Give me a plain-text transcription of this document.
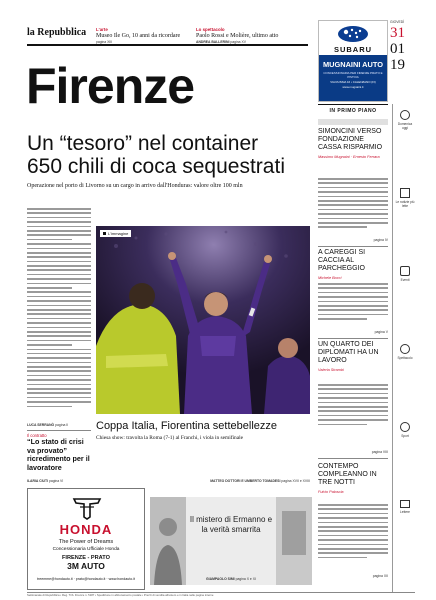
la Repubblica L'arte
Museo Ile Go, 10 anni da ricordare
pagina XIII
Lo spettacolo
Paolo Rossi e Molière, ultimo atto
ANDREA BALLERINI pagina XV
Firenze
SUBARU
MUGNAINI AUTO
CONCESSIONARIA PER FIRENZE PRATO E PISTOIA
VIA RUSSIA 16 • CALENZANO (FI)
www.mugnaini.it
GIOVEDÌ
31
01
19
Un “tesoro” nel container
650 chili di coca sequestrati
Operazione nel porto di Livorno su un cargo in arrivo dall'Honduras: valore oltre 100 mln
LUCA SERRANÒ pagina II
Il contratto
“Lo stato di crisi va provato” ricredimento per il lavoratore
ILARIA CIUTI pagina VI
L'immagine
Coppa Italia, Fiorentina settebellezze
Chiesa show: travolta la Roma (7-1) al Franchi, i viola in semifinale
MATTEO DOTTORI E UMBERTO TOMADESI pagina XVII e XVIII
HONDA
The Power of Dreams
Concessionaria Ufficiale Honda
FIRENZE - PRATO
3M AUTO
treemme@hondauto.it · prato@hondauto.it · www.hondauto.it
Il mistero di Ermanno e la verità smarrita
GIAMPAOLO SIMI pagina X e XI
IN PRIMO PIANO
SIMONCINI VERSO FONDAZIONE CASSA RISPARMIO
Massimo Mugnaini · Ernesto Ferrara
pagina IV
A CAREGGI SI CACCIA AL PARCHEGGIO
Michele Bocci
pagina V
UN QUARTO DEI DIPLOMATI HA UN LAVORO
Valeria Strambi
pagina VIII
CONTEMPO COMPLEANNO IN TRE NOTTI
Fulvio Paloscia
pagina XII
Domenica oggi
Le notizie più lette
Eventi
Spettacolo
Sport
Lettere
Settimanale di Repubblica • Reg. Trib. Firenze n. 5187 • Spedizione in abbonamento postale • Prezzi di vendita all'estero e in Italia nelle pagine interne
